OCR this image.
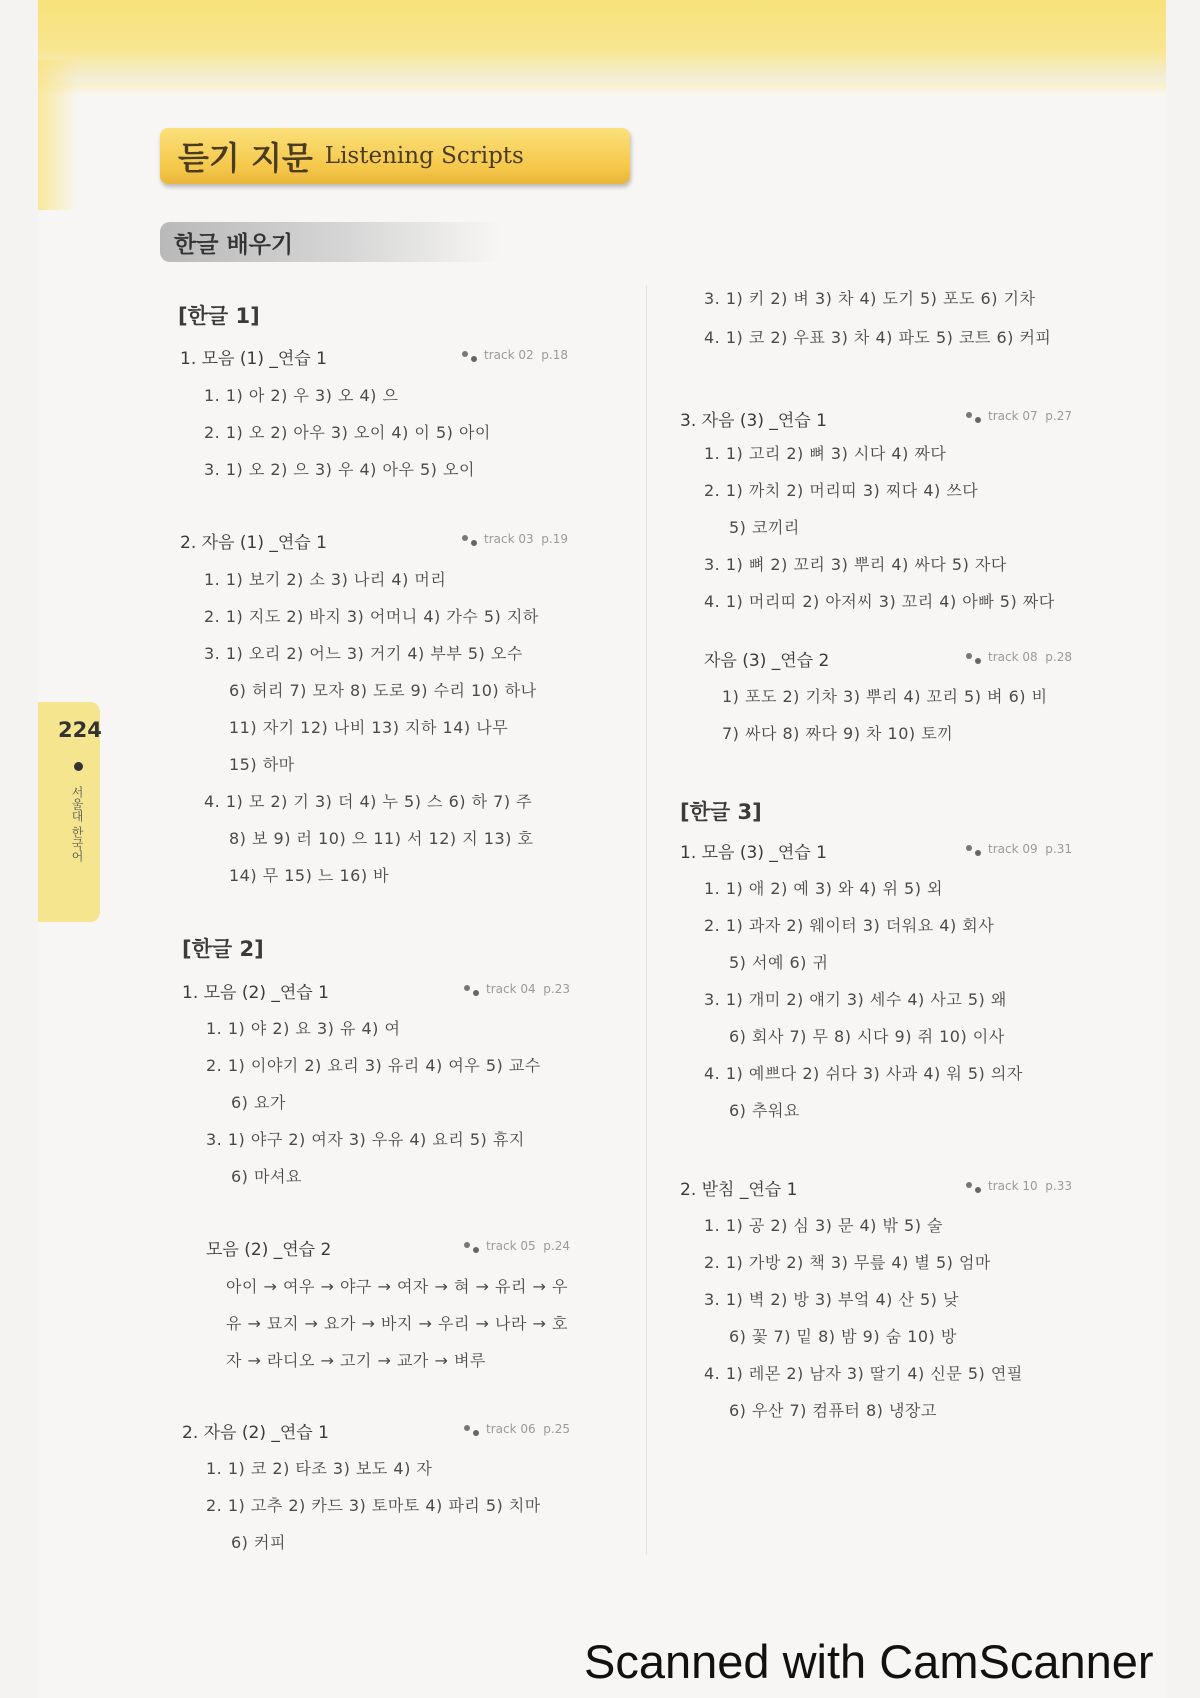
듣기 지문 Listening Scripts
한글 배우기
224
서울대 한국어
[한글 1]
1. 모음 (1) _연습 1	track 02 p.18
1. 1) 아 2) 우 3) 오 4) 으
2. 1) 오 2) 아우 3) 오이 4) 이 5) 아이
3. 1) 오 2) 으 3) 우 4) 아우 5) 오이
2. 자음 (1) _연습 1	track 03 p.19
1. 1) 보기 2) 소 3) 나리 4) 머리
2. 1) 지도 2) 바지 3) 어머니 4) 가수 5) 지하
3. 1) 오리 2) 어느 3) 거기 4) 부부 5) 오수
6) 허리 7) 모자 8) 도로 9) 수리 10) 하나
11) 자기 12) 나비 13) 지하 14) 나무
15) 하마
4. 1) 모 2) 기 3) 더 4) 누 5) 스 6) 하 7) 주
8) 보 9) 러 10) 으 11) 서 12) 지 13) 호
14) 무 15) 느 16) 바
[한글 2]
1. 모음 (2) _연습 1	track 04 p.23
1. 1) 야 2) 요 3) 유 4) 여
2. 1) 이야기 2) 요리 3) 유리 4) 여우 5) 교수
6) 요가
3. 1) 야구 2) 여자 3) 우유 4) 요리 5) 휴지
6) 마셔요
모음 (2) _연습 2	track 05 p.24
아이 → 여우 → 야구 → 여자 → 혀 → 유리 → 우
유 → 묘지 → 요가 → 바지 → 우리 → 나라 → 호
자 → 라디오 → 고기 → 교가 → 벼루
2. 자음 (2) _연습 1	track 06 p.25
1. 1) 코 2) 타조 3) 보도 4) 자
2. 1) 고추 2) 카드 3) 토마토 4) 파리 5) 치마
6) 커피
3. 1) 키 2) 벼 3) 차 4) 도기 5) 포도 6) 기차
4. 1) 코 2) 우표 3) 차 4) 파도 5) 코트 6) 커피
3. 자음 (3) _연습 1	track 07 p.27
1. 1) 고리 2) 뼈 3) 시다 4) 짜다
2. 1) 까치 2) 머리띠 3) 찌다 4) 쓰다
5) 코끼리
3. 1) 뼈 2) 꼬리 3) 뿌리 4) 싸다 5) 자다
4. 1) 머리띠 2) 아저씨 3) 꼬리 4) 아빠 5) 짜다
자음 (3) _연습 2	track 08 p.28
1) 포도 2) 기차 3) 뿌리 4) 꼬리 5) 벼 6) 비
7) 싸다 8) 짜다 9) 차 10) 토끼
[한글 3]
1. 모음 (3) _연습 1	track 09 p.31
1. 1) 애 2) 예 3) 와 4) 위 5) 외
2. 1) 과자 2) 웨이터 3) 더워요 4) 회사
5) 서예 6) 귀
3. 1) 개미 2) 얘기 3) 세수 4) 사고 5) 왜
6) 회사 7) 무 8) 시다 9) 쥐 10) 이사
4. 1) 예쁘다 2) 쉬다 3) 사과 4) 워 5) 의자
6) 추워요
2. 받침 _연습 1	track 10 p.33
1. 1) 공 2) 심 3) 문 4) 밖 5) 술
2. 1) 가방 2) 책 3) 무릎 4) 별 5) 엄마
3. 1) 벽 2) 방 3) 부엌 4) 산 5) 낮
6) 꽃 7) 밑 8) 밤 9) 숨 10) 방
4. 1) 레몬 2) 남자 3) 딸기 4) 신문 5) 연필
6) 우산 7) 컴퓨터 8) 냉장고
Scanned with CamScanner
